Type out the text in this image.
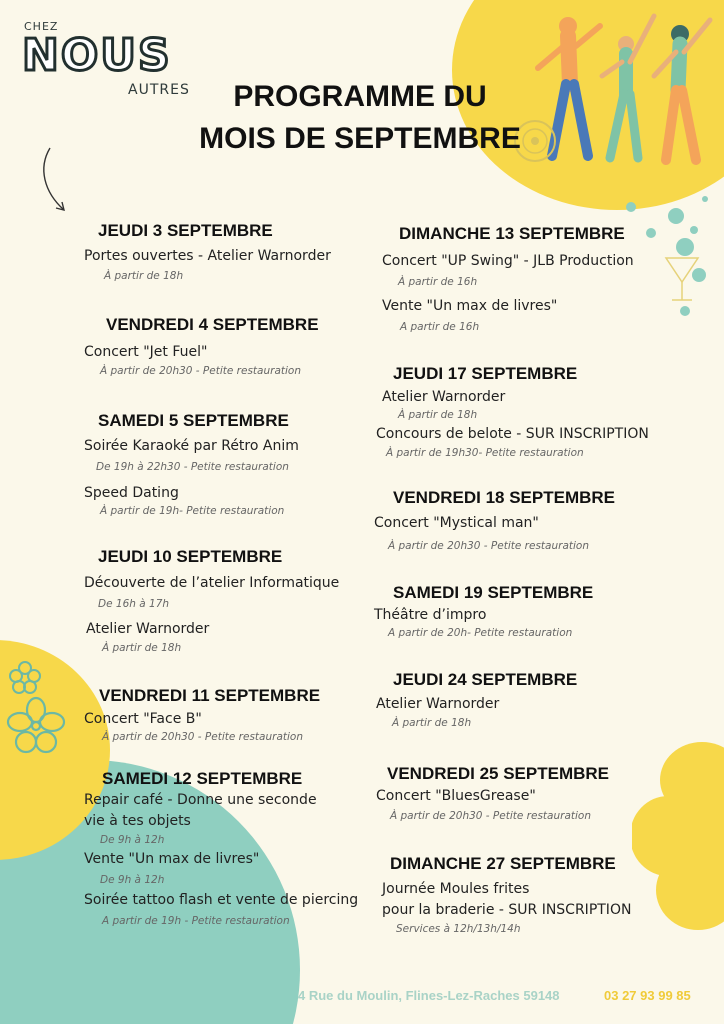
CHEZ
NOUS
AUTRES	PROGRAMME DU
MOIS DE SEPTEMBRE
JEUDI 3 SEPTEMBRE
Portes ouvertes - Atelier Warnorder
À partir de 18h
VENDREDI 4 SEPTEMBRE
Concert "Jet Fuel"
À partir de 20h30 - Petite restauration
SAMEDI 5 SEPTEMBRE
Soirée Karaoké par Rétro Anim
De 19h à 22h30 - Petite restauration
Speed Dating
À partir de 19h- Petite restauration
JEUDI 10 SEPTEMBRE
Découverte de l’atelier Informatique
De 16h à 17h
Atelier Warnorder
À partir de 18h
VENDREDI 11 SEPTEMBRE
Concert "Face B"
À partir de 20h30 - Petite restauration
SAMEDI 12 SEPTEMBRE
Repair café - Donne une seconde
vie à tes objets
De 9h à 12h
Vente "Un max de livres"
De 9h à 12h
Soirée tattoo flash et vente de piercing
A partir de 19h - Petite restauration
DIMANCHE 13 SEPTEMBRE
Concert "UP Swing" - JLB Production
À partir de 16h
Vente "Un max de livres"
A partir de 16h
JEUDI 17 SEPTEMBRE
Atelier Warnorder
À partir de 18h
Concours de belote - SUR INSCRIPTION
À partir de 19h30- Petite restauration
VENDREDI 18 SEPTEMBRE
Concert "Mystical man"
À partir de 20h30 - Petite restauration
SAMEDI 19 SEPTEMBRE
Théâtre d’impro
A partir de 20h- Petite restauration
JEUDI 24 SEPTEMBRE
Atelier Warnorder
À partir de 18h
VENDREDI 25 SEPTEMBRE
Concert "BluesGrease"
À partir de 20h30 - Petite restauration
DIMANCHE 27 SEPTEMBRE
Journée Moules frites
pour la braderie - SUR INSCRIPTION
Services à 12h/13h/14h
4 Rue du Moulin, Flines-Lez-Raches 59148	03 27 93 99 85
